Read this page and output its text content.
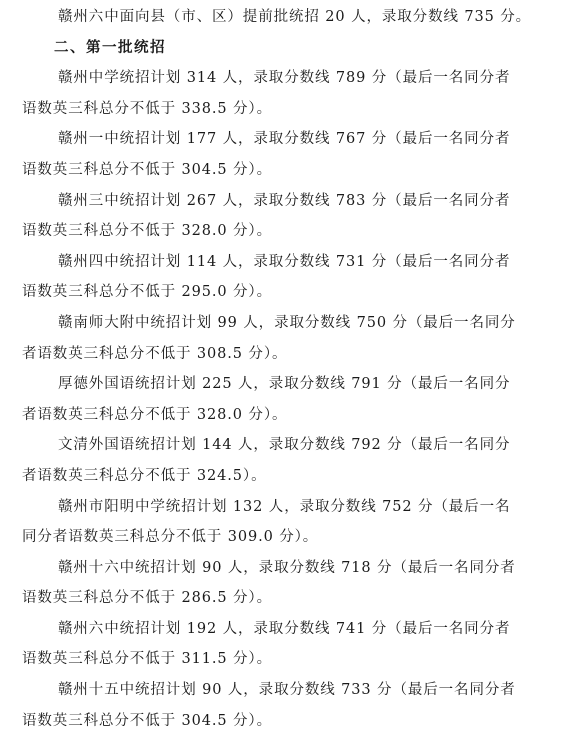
赣州六中面向县（市、区）提前批统招 20 人，录取分数线 735 分。
二、第一批统招
赣州中学统招计划 314 人，录取分数线 789 分（最后一名同分者
语数英三科总分不低于 338.5 分）。
赣州一中统招计划 177 人，录取分数线 767 分（最后一名同分者
语数英三科总分不低于 304.5 分）。
赣州三中统招计划 267 人，录取分数线 783 分（最后一名同分者
语数英三科总分不低于 328.0 分）。
赣州四中统招计划 114 人，录取分数线 731 分（最后一名同分者
语数英三科总分不低于 295.0 分）。
赣南师大附中统招计划 99 人，录取分数线 750 分（最后一名同分
者语数英三科总分不低于 308.5 分）。
厚德外国语统招计划 225 人，录取分数线 791 分（最后一名同分
者语数英三科总分不低于 328.0 分）。
文清外国语统招计划 144 人，录取分数线 792 分（最后一名同分
者语数英三科总分不低于 324.5）。
赣州市阳明中学统招计划 132 人，录取分数线 752 分（最后一名
同分者语数英三科总分不低于 309.0 分）。
赣州十六中统招计划 90 人，录取分数线 718 分（最后一名同分者
语数英三科总分不低于 286.5 分）。
赣州六中统招计划 192 人，录取分数线 741 分（最后一名同分者
语数英三科总分不低于 311.5 分）。
赣州十五中统招计划 90 人，录取分数线 733 分（最后一名同分者
语数英三科总分不低于 304.5 分）。
